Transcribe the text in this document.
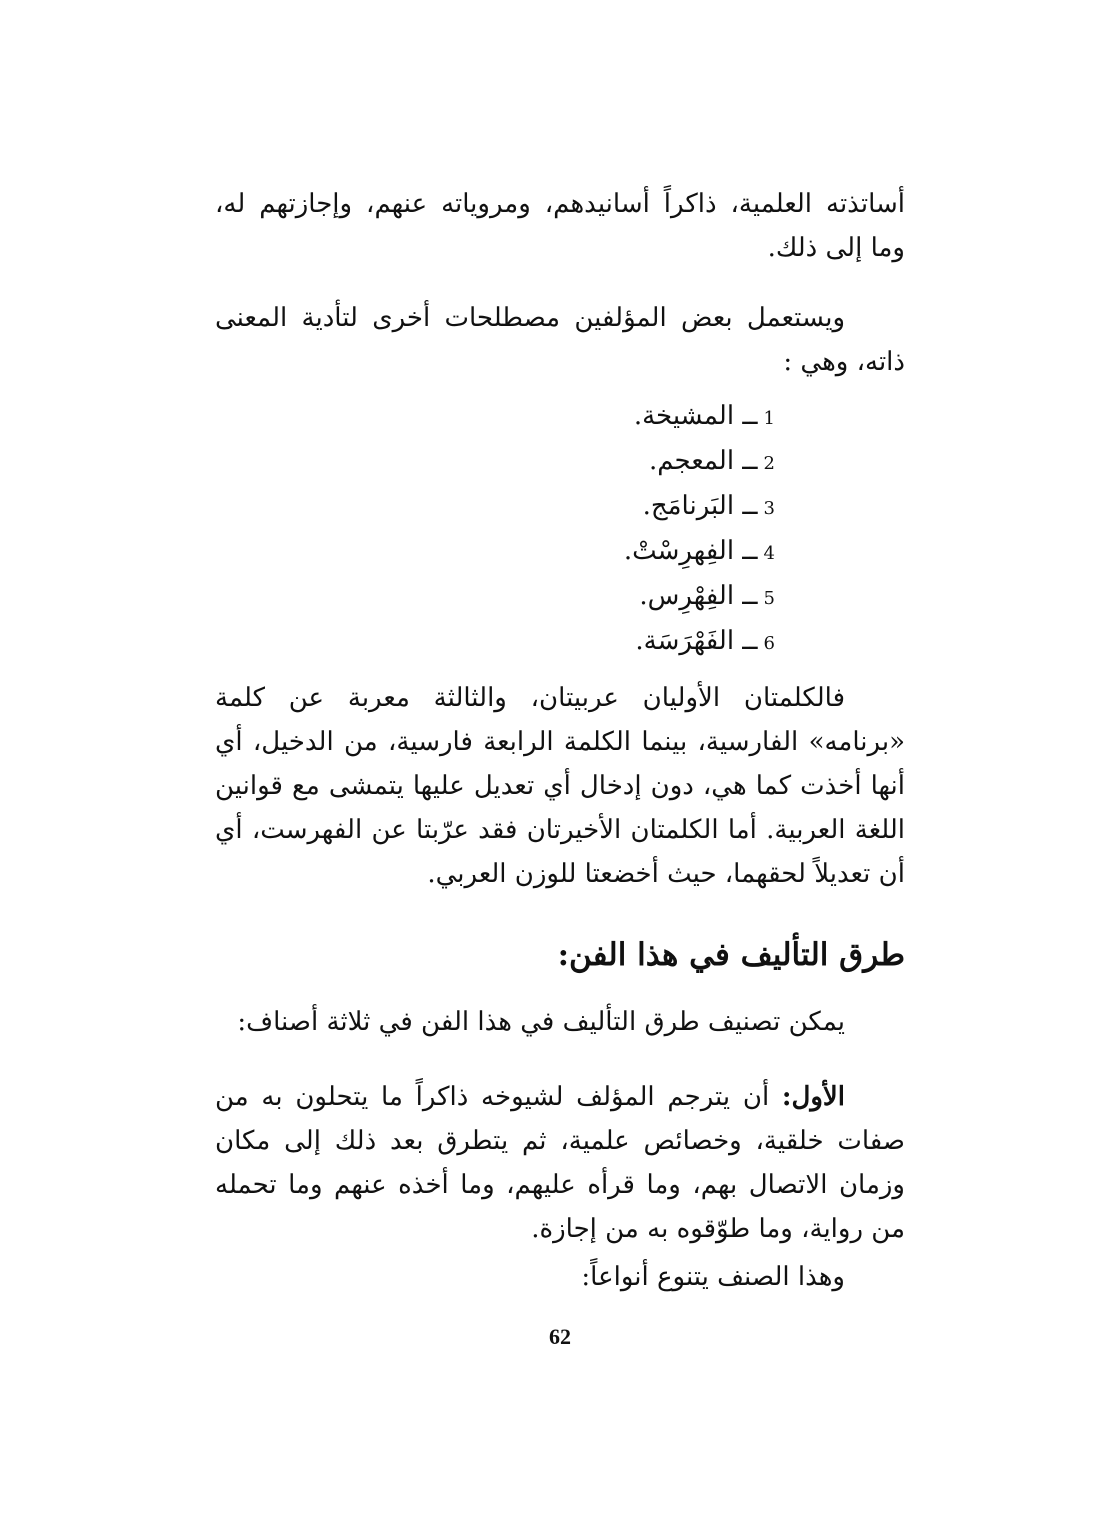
أساتذته العلمية، ذاكراً أسانيدهم، ومروياته عنهم، وإجازتهم له، وما إلى ذلك.

ويستعمل بعض المؤلفين مصطلحات أخرى لتأدية المعنى ذاته، وهي :

1ــ المشيخة.
2ــ المعجم.
3ــ البَرنامَج.
4ــ الفِهرِسْتْ.
5ــ الفِهْرِس.
6ــ الفَهْرَسَة.

فالكلمتان الأوليان عربيتان، والثالثة معربة عن كلمة «برنامه» الفارسية، بينما الكلمة الرابعة فارسية، من الدخيل، أي أنها أخذت كما هي، دون إدخال أي تعديل عليها يتمشى مع قوانين اللغة العربية. أما الكلمتان الأخيرتان فقد عرّبتا عن الفهرست، أي أن تعديلاً لحقهما، حيث أخضعتا للوزن العربي.

طرق التأليف في هذا الفن:

يمكن تصنيف طرق التأليف في هذا الفن في ثلاثة أصناف:

الأول: أن يترجم المؤلف لشيوخه ذاكراً ما يتحلون به من صفات خلقية، وخصائص علمية، ثم يتطرق بعد ذلك إلى مكان وزمان الاتصال بهم، وما قرأه عليهم، وما أخذه عنهم وما تحمله من رواية، وما طوّقوه به من إجازة.

وهذا الصنف يتنوع أنواعاً:

62
